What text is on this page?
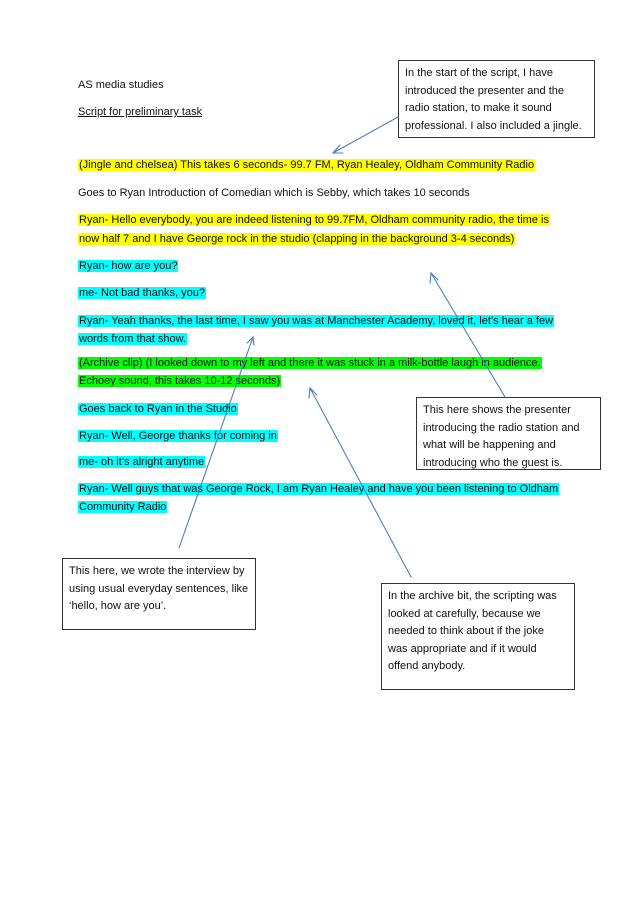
AS media studies
Script for preliminary task
(Jingle and chelsea) This takes 6 seconds- 99.7 FM, Ryan Healey, Oldham Community Radio
Goes to Ryan Introduction of Comedian which is Sebby, which takes 10 seconds
Ryan- Hello everybody, you are indeed listening to 99.7FM, Oldham community radio, the time is
now half 7 and I have George rock in the studio (clapping in the background 3-4 seconds)
Ryan- how are you?
me- Not bad thanks, you?
Ryan- Yeah thanks, the last time, I saw you was at Manchester Academy, loved it, let’s hear a few
words from that show.
(Archive clip) (I looked down to my left and there it was stuck in a milk-bottle laugh in audience.
Echoey sound, this takes 10-12 seconds)
Goes back to Ryan in the Studio
Ryan- Well, George thanks for coming in
me- oh it’s alright anytime
Ryan- Well guys that was George Rock, I am Ryan Healey and have you been listening to Oldham
Community Radio
In the start of the script, I have
introduced the presenter and the
radio station, to make it sound
professional. I also included a jingle.
This here shows the presenter
introducing the radio station and
what will be happening and
introducing who the guest is.
This here, we wrote the interview by
using usual everyday sentences, like
‘hello, how are you’.
In the archive bit, the scripting was
looked at carefully, because we
needed to think about if the joke
was appropriate and if it would
offend anybody.
